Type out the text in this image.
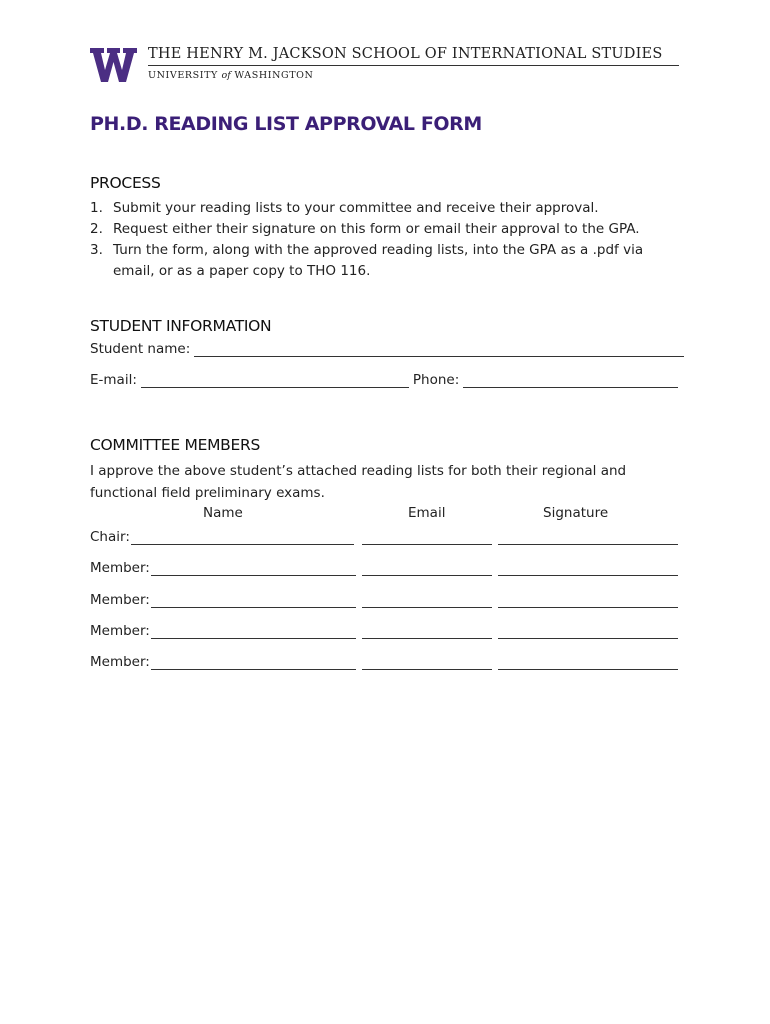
THE HENRY M. JACKSON SCHOOL OF INTERNATIONAL STUDIES
UNIVERSITY of WASHINGTON
PH.D. READING LIST APPROVAL FORM
PROCESS
1. Submit your reading lists to your committee and receive their approval.
2. Request either their signature on this form or email their approval to the GPA.
3. Turn the form, along with the approved reading lists, into the GPA as a .pdf via email, or as a paper copy to THO 116.
STUDENT INFORMATION
Student name:
E-mail:	Phone:
COMMITTEE MEMBERS
I approve the above student’s attached reading lists for both their regional and functional field preliminary exams.
Name	Email	Signature
Chair:
Member:
Member:
Member:
Member:
